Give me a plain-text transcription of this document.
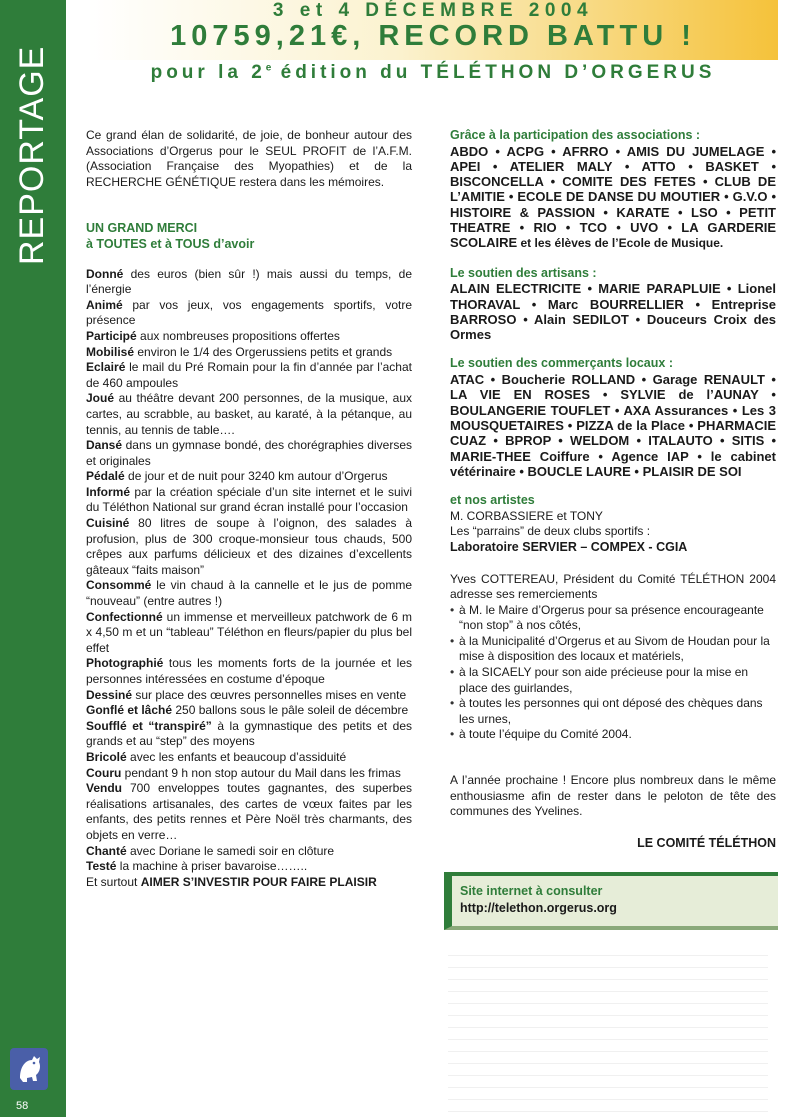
REPORTAGE
58
3 et 4 DÉCEMBRE 2004
10759,21€, RECORD BATTU !
pour la 2e édition du TÉLÉTHON D’ORGERUS

Ce grand élan de solidarité, de joie, de bonheur autour des Associations d’Orgerus pour le SEUL PROFIT de l’A.F.M. (Association Française des Myopathies) et de la RECHERCHE GÉNÉTIQUE restera dans les mémoires.

UN GRAND MERCI

à TOUTES et à TOUS d’avoir

Donné des euros (bien sûr !) mais aussi du temps, de l’énergie

Animé par vos jeux, vos engagements sportifs, votre présence

Participé aux nombreuses propositions offertes

Mobilisé environ le 1/4 des Orgerussiens petits et grands

Eclairé le mail du Pré Romain pour la fin d’année par l’achat de 460 ampoules

Joué au théâtre devant 200 personnes, de la musique, aux cartes, au scrabble, au basket, au karaté, à la pétanque, au tennis, au tennis de table….

Dansé dans un gymnase bondé, des chorégraphies diverses et originales

Pédalé de jour et de nuit pour 3240 km autour d’Orgerus

Informé par la création spéciale d’un site internet et le suivi du Téléthon National sur grand écran installé pour l’occasion

Cuisiné 80 litres de soupe à l’oignon, des salades à profusion, plus de 300 croque-monsieur tous chauds, 500 crêpes aux parfums délicieux et des dizaines d’excellents gâteaux “faits maison”

Consommé le vin chaud à la cannelle et le jus de pomme “nouveau” (entre autres !)

Confectionné un immense et merveilleux patchwork de 6 m x 4,50 m et un “tableau” Téléthon en fleurs/papier du plus bel effet

Photographié tous les moments forts de la journée et les personnes intéressées en costume d’époque

Dessiné sur place des œuvres personnelles mises en vente

Gonflé et lâché 250 ballons sous le pâle soleil de décembre

Soufflé et “transpiré” à la gymnastique des petits et des grands et au “step” des moyens

Bricolé avec les enfants et beaucoup d’assiduité

Couru pendant 9 h non stop autour du Mail dans les frimas

Vendu 700 enveloppes toutes gagnantes, des superbes réalisations artisanales, des cartes de vœux faites par les enfants, des petits rennes et Père Noël très charmants, des objets en verre…

Chanté avec Doriane le samedi soir en clôture

Testé la machine à priser bavaroise……..

Et surtout AIMER S’INVESTIR POUR FAIRE PLAISIR

Grâce à la participation des associations :

ABDO • ACPG • AFRRO • AMIS DU JUMELAGE • APEI • ATELIER MALY • ATTO • BASKET • BISCONCELLA • COMITE DES FETES • CLUB DE L’AMITIE • ECOLE DE DANSE DU MOUTIER • G.V.O • HISTOIRE & PASSION • KARATE • LSO • PETIT THEATRE • RIO • TCO • UVO • LA GARDERIE SCOLAIRE et les élèves de l’Ecole de Musique.

Le soutien des artisans :

ALAIN ELECTRICITE • MARIE PARAPLUIE • Lionel THORAVAL • Marc BOURRELLIER • Entreprise BARROSO • Alain SEDILOT • Douceurs Croix des Ormes

Le soutien des commerçants locaux :

ATAC • Boucherie ROLLAND • Garage RENAULT • LA VIE EN ROSES • SYLVIE de l’AUNAY • BOULANGERIE TOUFLET • AXA Assurances • Les 3 MOUSQUETAIRES • PIZZA de la Place • PHARMACIE CUAZ • BPROP • WELDOM • ITALAUTO • SITIS • MARIE-THEE Coiffure • Agence IAP • le cabinet vétérinaire • BOUCLE LAURE • PLAISIR DE SOI

et nos artistes

M. CORBASSIERE et TONY

Les “parrains” de deux clubs sportifs :

Laboratoire SERVIER – COMPEX - CGIA

Yves COTTEREAU, Président du Comité TÉLÉTHON 2004 adresse ses remerciements

• à M. le Maire d’Orgerus pour sa présence encourageante “non stop” à nos côtés,
• à la Municipalité d’Orgerus et au Sivom de Houdan pour la mise à disposition des locaux et matériels,
• à la SICAELY pour son aide précieuse pour la mise en place des guirlandes,
• à toutes les personnes qui ont déposé des chèques dans les urnes,
• à toute l’équipe du Comité 2004.

A l’année prochaine ! Encore plus nombreux dans le même enthousiasme afin de rester dans le peloton de tête des communes des Yvelines.

LE COMITÉ TÉLÉTHON

Site internet à consulter
http://telethon.orgerus.org
